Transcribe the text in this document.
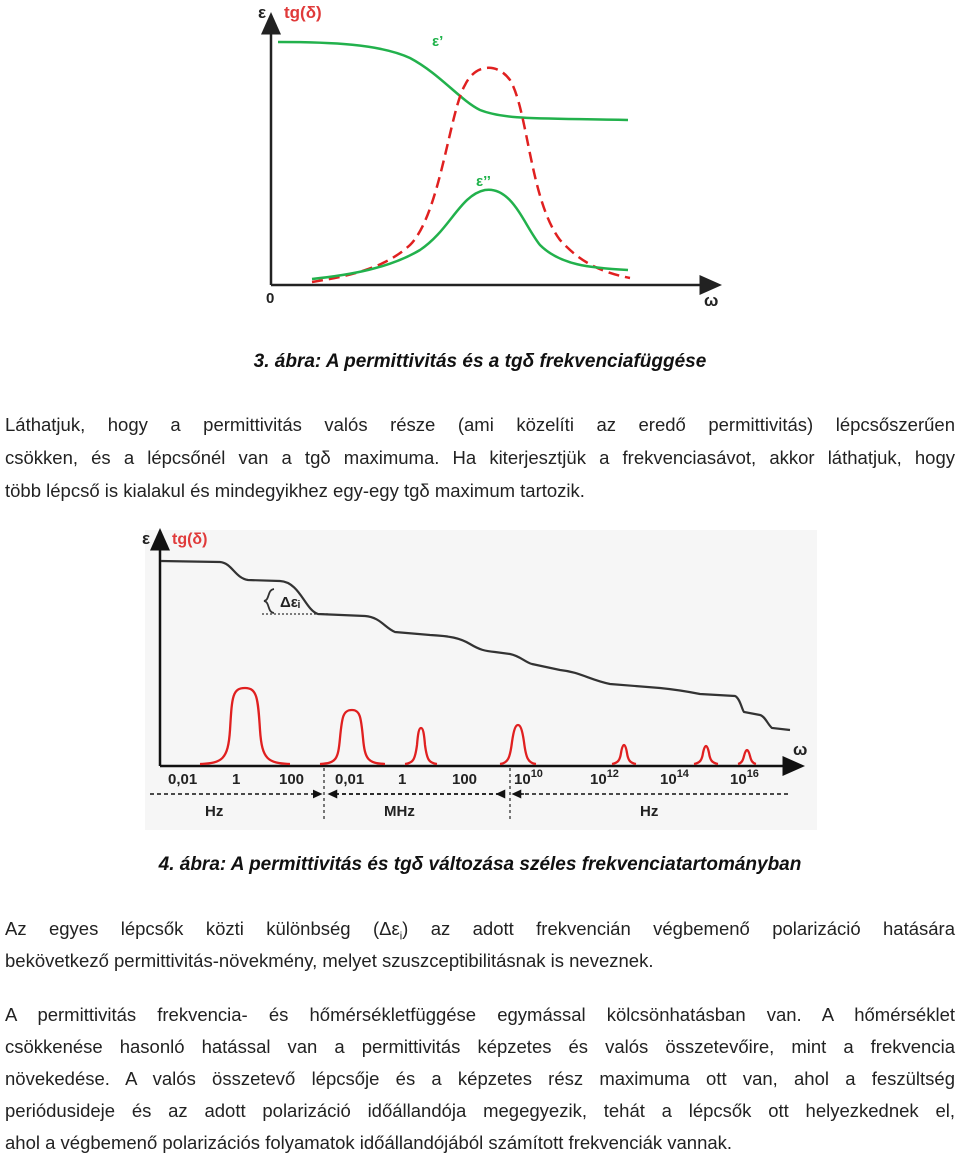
ε tg(δ)
0	ω
ε’
ε’’

3. ábra: A permittivitás és a tgδ frekvenciafüggése

Láthatjuk, hogy a permittivitás valós része (ami közelíti az eredő permittivitás) lépcsőszerűen
csökken, és a lépcsőnél van a tgδ maximuma. Ha kiterjesztjük a frekvenciasávot, akkor láthatjuk, hogy
több lépcső is kialakul és mindegyikhez egy-egy tgδ maximum tartozik.
ε tg(δ)
ω
Δεᵢ
0,01 1	100 0,01 1	100 $10^{10}$	$10^{12}$	$10^{14}$	$10^{16}$
Hz	MHz	Hz

4. ábra: A permittivitás és tgδ változása széles frekvenciatartományban

Az egyes lépcsők közti különbség $(\Delta\varepsilon_i)$ az adott frekvencián végbemenő polarizáció hatására
bekövetkező permittivitás-növekmény, melyet szuszceptibilitásnak is neveznek.
A permittivitás frekvencia- és hőmérsékletfüggése egymással kölcsönhatásban van. A hőmérséklet
csökkenése hasonló hatással van a permittivitás képzetes és valós összetevőire, mint a frekvencia
növekedése. A valós összetevő lépcsője és a képzetes rész maximuma ott van, ahol a feszültség
periódusideje és az adott polarizáció időállandója megegyezik, tehát a lépcsők ott helyezkednek el,
ahol a végbemenő polarizációs folyamatok időállandójából számított frekvenciák vannak.
